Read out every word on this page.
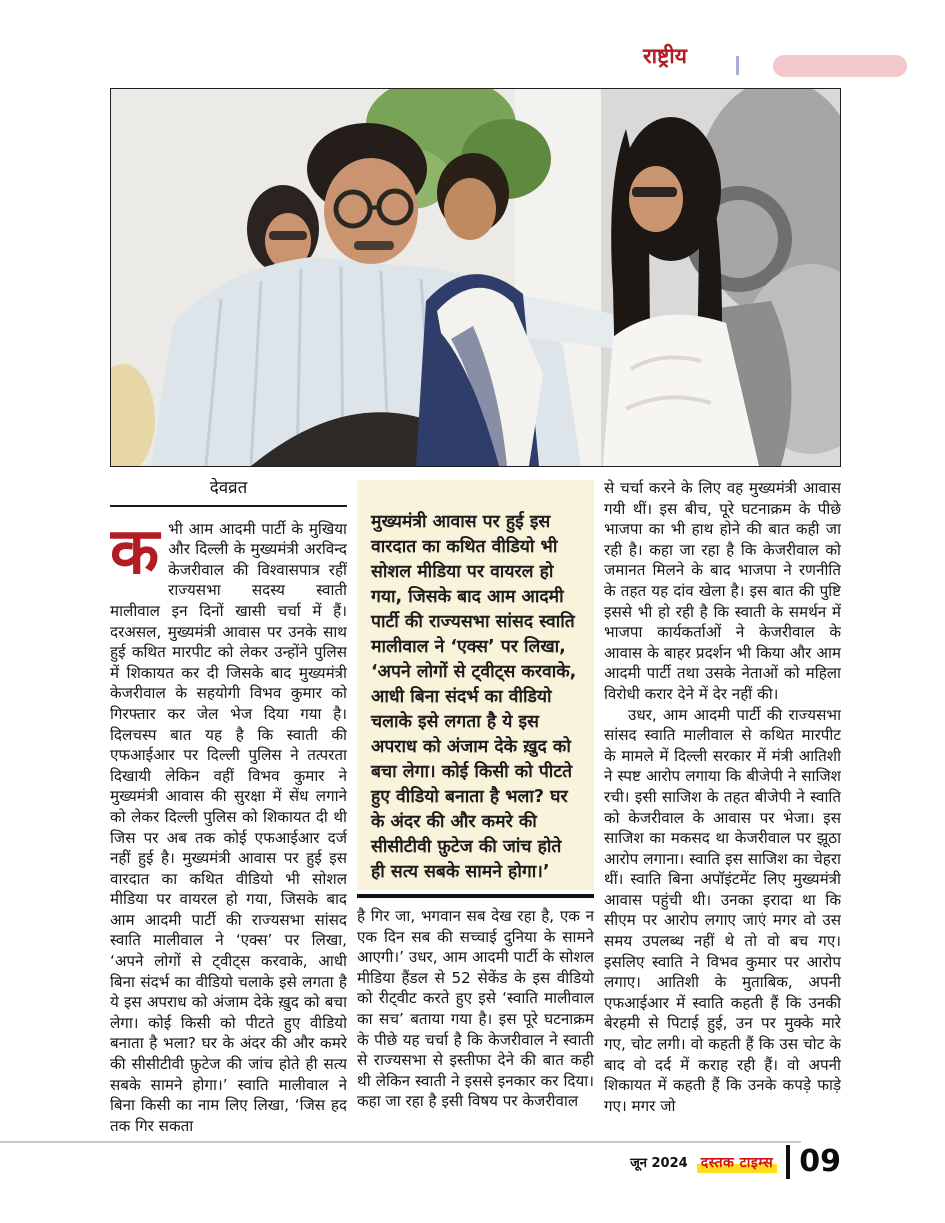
राष्ट्रीय
देवव्रत

कभी आम आदमी पार्टी के मुखिया और दिल्ली के मुख्यमंत्री अरविन्द केजरीवाल की विश्वासपात्र रहीं राज्यसभा सदस्य स्वाती मालीवाल इन दिनों खासी चर्चा में हैं। दरअसल, मुख्यमंत्री आवास पर उनके साथ हुई कथित मारपीट को लेकर उन्होंने पुलिस में शिकायत कर दी जिसके बाद मुख्यमंत्री केजरीवाल के सहयोगी विभव कुमार को गिरफ्तार कर जेल भेज दिया गया है। दिलचस्प बात यह है कि स्वाती की एफआईआर पर दिल्ली पुलिस ने तत्परता दिखायी लेकिन वहीं विभव कुमार ने मुख्यमंत्री आवास की सुरक्षा में सेंध लगाने को लेकर दिल्ली पुलिस को शिकायत दी थी जिस पर अब तक कोई एफआईआर दर्ज नहीं हुई है। मुख्यमंत्री आवास पर हुई इस वारदात का कथित वीडियो भी सोशल मीडिया पर वायरल हो गया, जिसके बाद आम आदमी पार्टी की राज्यसभा सांसद स्वाति मालीवाल ने ‘एक्स’ पर लिखा, ‘अपने लोगों से ट्वीट्स करवाके, आधी बिना संदर्भ का वीडियो चलाके इसे लगता है ये इस अपराध को अंजाम देके ख़ुद को बचा लेगा। कोई किसी को पीटते हुए वीडियो बनाता है भला? घर के अंदर की और कमरे की सीसीटीवी फ़ुटेज की जांच होते ही सत्य सबके सामने होगा।’ स्वाति मालीवाल ने बिना किसी का नाम लिए लिखा, ‘जिस हद तक गिर सकता

मुख्यमंत्री आवास पर हुई इस वारदात का कथित वीडियो भी सोशल मीडिया पर वायरल हो गया, जिसके बाद आम आदमी पार्टी की राज्यसभा सांसद स्वाति मालीवाल ने ‘एक्स’ पर लिखा, ‘अपने लोगों से ट्वीट्स करवाके, आधी बिना संदर्भ का वीडियो चलाके इसे लगता है ये इस अपराध को अंजाम देके ख़ुद को बचा लेगा। कोई किसी को पीटते हुए वीडियो बनाता है भला? घर के अंदर की और कमरे की सीसीटीवी फ़ुटेज की जांच होते ही सत्य सबके सामने होगा।’

है गिर जा, भगवान सब देख रहा है, एक न एक दिन सब की सच्चाई दुनिया के सामने आएगी।’ उधर, आम आदमी पार्टी के सोशल मीडिया हैंडल से 52 सेकेंड के इस वीडियो को रीट्वीट करते हुए इसे ‘स्वाति मालीवाल का सच’ बताया गया है। इस पूरे घटनाक्रम के पीछे यह चर्चा है कि केजरीवाल ने स्वाती से राज्यसभा से इस्तीफा देने की बात कही थी लेकिन स्वाती ने इससे इनकार कर दिया। कहा जा रहा है इसी विषय पर केजरीवाल

से चर्चा करने के लिए वह मुख्यमंत्री आवास गयी थीं। इस बीच, पूरे घटनाक्रम के पीछे भाजपा का भी हाथ होने की बात कही जा रही है। कहा जा रहा है कि केजरीवाल को जमानत मिलने के बाद भाजपा ने रणनीति के तहत यह दांव खेला है। इस बात की पुष्टि इससे भी हो रही है कि स्वाती के समर्थन में भाजपा कार्यकर्ताओं ने केजरीवाल के आवास के बाहर प्रदर्शन भी किया और आम आदमी पार्टी तथा उसके नेताओं को महिला विरोधी करार देने में देर नहीं की।

उधर, आम आदमी पार्टी की राज्यसभा सांसद स्वाति मालीवाल से कथित मारपीट के मामले में दिल्ली सरकार में मंत्री आतिशी ने स्पष्ट आरोप लगाया कि बीजेपी ने साजिश रची। इसी साजिश के तहत बीजेपी ने स्वाति को केजरीवाल के आवास पर भेजा। इस साजिश का मकसद था केजरीवाल पर झूठा आरोप लगाना। स्वाति इस साजिश का चेहरा थीं। स्वाति बिना अपॉइंटमेंट लिए मुख्यमंत्री आवास पहुंची थी। उनका इरादा था कि सीएम पर आरोप लगाए जाएं मगर वो उस समय उपलब्ध नहीं थे तो वो बच गए। इसलिए स्वाति ने विभव कुमार पर आरोप लगाए। आतिशी के मुताबिक, अपनी एफआईआर में स्वाति कहती हैं कि उनकी बेरहमी से पिटाई हुई, उन पर मुक्के मारे गए, चोट लगी। वो कहती हैं कि उस चोट के बाद वो दर्द में कराह रही हैं। वो अपनी शिकायत में कहती हैं कि उनके कपड़े फाड़े गए। मगर जो

जून 2024 दस्तक टाइम्स 09
